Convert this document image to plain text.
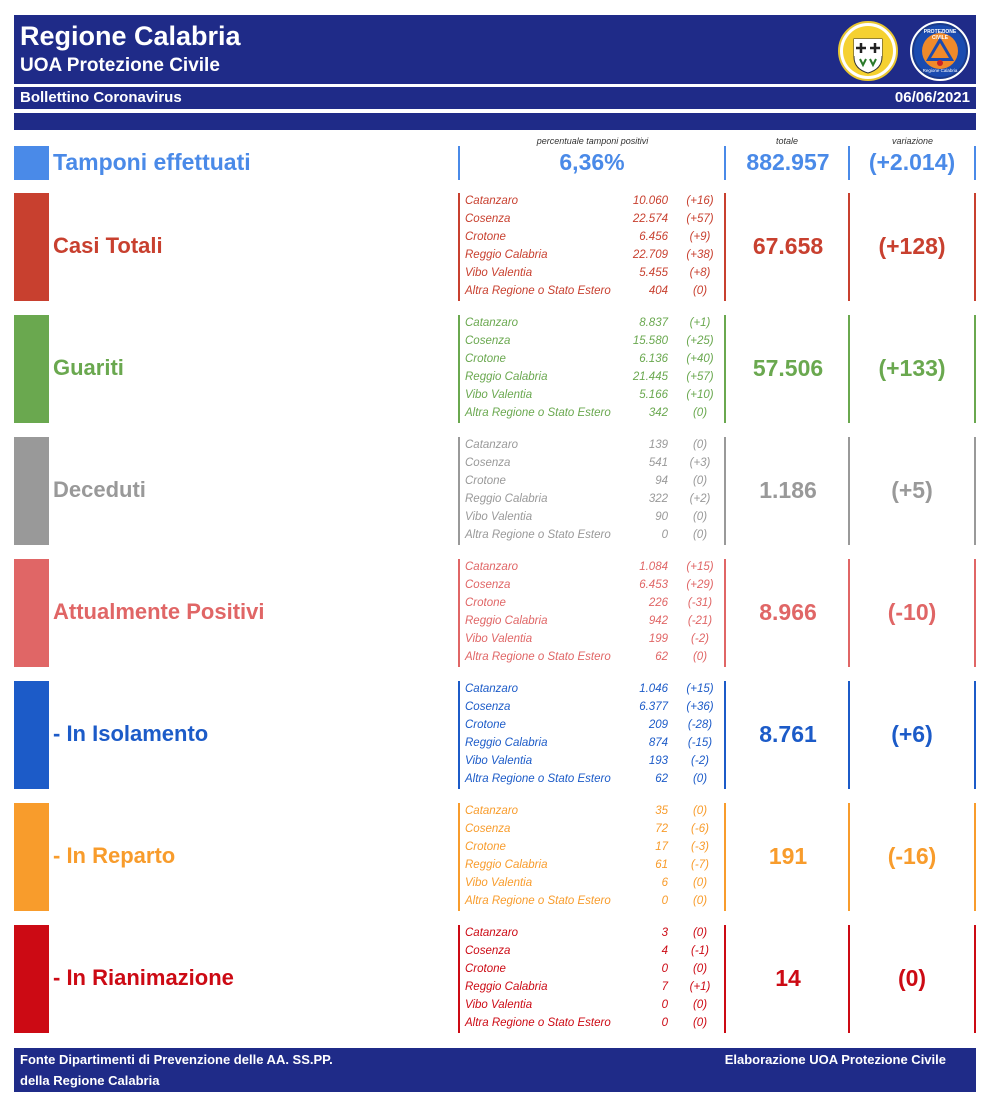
Regione Calabria
UOA Protezione Civile
PROTEZIONE CIVILE
Regione Calabria
Bollettino Coronavirus	06/06/2021
percentuale tamponi positivi	totale	variazione
Tamponi effettuati	6,36%	882.957	(+2.014)
Casi Totali
Catanzaro	10.060	(+16)
Cosenza	22.574	(+57)
Crotone	6.456	(+9)
Reggio Calabria	22.709	(+38)
Vibo Valentia	5.455	(+8)
Altra Regione o Stato Estero	404	(0)
67.658	(+128)
Guariti
Catanzaro	8.837	(+1)
Cosenza	15.580	(+25)
Crotone	6.136	(+40)
Reggio Calabria	21.445	(+57)
Vibo Valentia	5.166	(+10)
Altra Regione o Stato Estero	342	(0)
57.506	(+133)
Deceduti
Catanzaro	139	(0)
Cosenza	541	(+3)
Crotone	94	(0)
Reggio Calabria	322	(+2)
Vibo Valentia	90	(0)
Altra Regione o Stato Estero	0	(0)
1.186	(+5)
Attualmente Positivi
Catanzaro	1.084	(+15)
Cosenza	6.453	(+29)
Crotone	226	(-31)
Reggio Calabria	942	(-21)
Vibo Valentia	199	(-2)
Altra Regione o Stato Estero	62	(0)
8.966	(-10)
- In Isolamento
Catanzaro	1.046	(+15)
Cosenza	6.377	(+36)
Crotone	209	(-28)
Reggio Calabria	874	(-15)
Vibo Valentia	193	(-2)
Altra Regione o Stato Estero	62	(0)
8.761	(+6)
- In Reparto
Catanzaro	35	(0)
Cosenza	72	(-6)
Crotone	17	(-3)
Reggio Calabria	61	(-7)
Vibo Valentia	6	(0)
Altra Regione o Stato Estero	0	(0)
191	(-16)
- In Rianimazione
Catanzaro	3	(0)
Cosenza	4	(-1)
Crotone	0	(0)
Reggio Calabria	7	(+1)
Vibo Valentia	0	(0)
Altra Regione o Stato Estero	0	(0)
14	(0)
Fonte Dipartimenti di Prevenzione delle AA. SS.PP.
della Regione Calabria
Elaborazione UOA Protezione Civile
